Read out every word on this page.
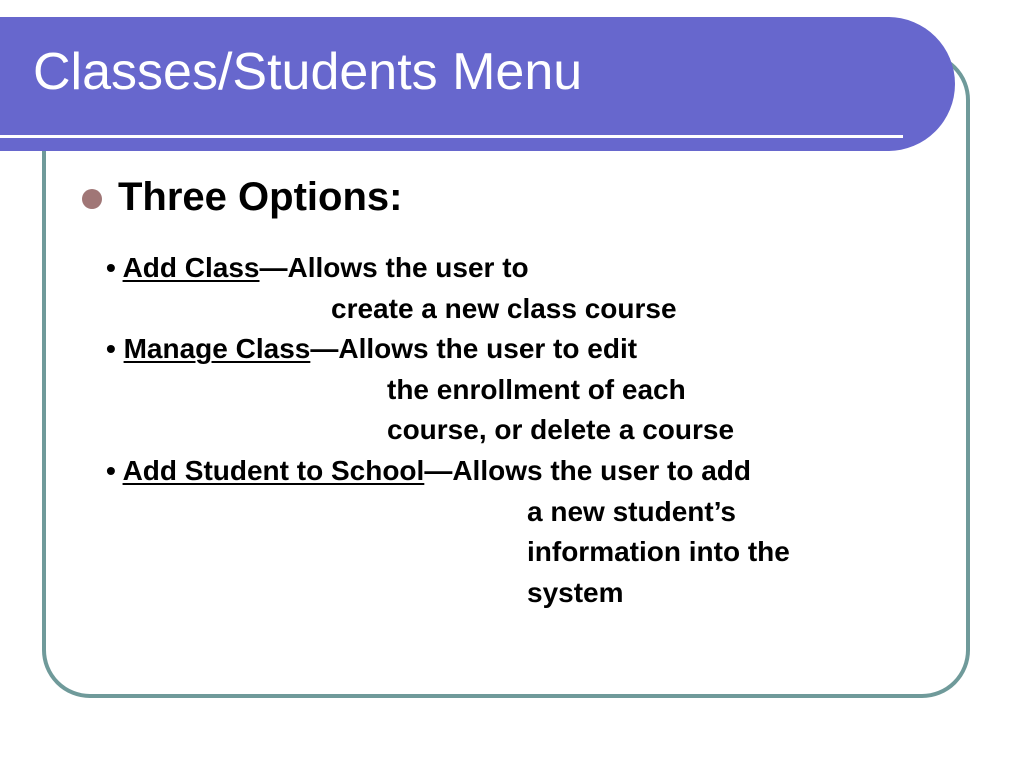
Classes/Students Menu

Three Options:

• Add Class—Allows the user to
create a new class course
• Manage Class—Allows the user to edit
the enrollment of each
course, or delete a course
• Add Student to School—Allows the user to add
a new student’s
information into the
system
